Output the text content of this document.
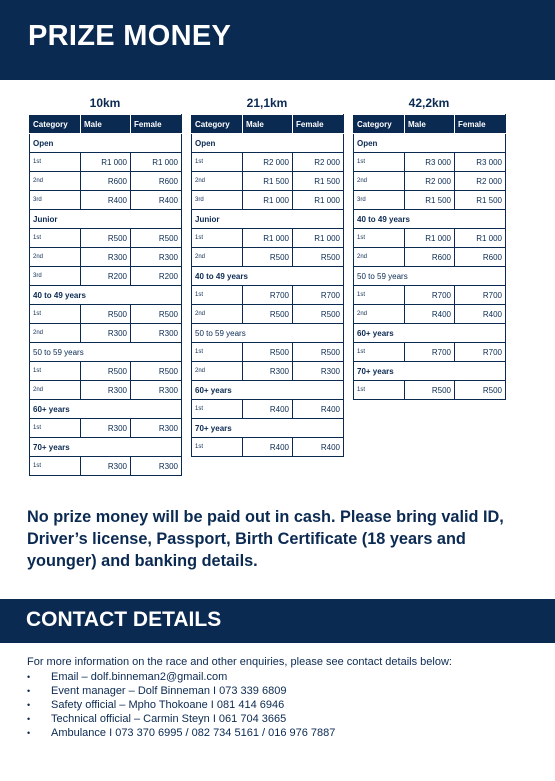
PRIZE MONEY
10km
Category	Male	Female
Open		
1st	R1 000	R1 000
2nd	R600	R600
3rd	R400	R400
Junior		
1st	R500	R500
2nd	R300	R300
3rd	R200	R200
40 to 49 years		
1st	R500	R500
2nd	R300	R300
50 to 59 years		
1st	R500	R500
2nd	R300	R300
60+ years		
1st	R300	R300
70+ years		
1st	R300	R300
21,1km
Category	Male	Female
Open		
1st	R2 000	R2 000
2nd	R1 500	R1 500
3rd	R1 000	R1 000
Junior		
1st	R1 000	R1 000
2nd	R500	R500
40 to 49 years		
1st	R700	R700
2nd	R500	R500
50 to 59 years		
1st	R500	R500
2nd	R300	R300
60+ years		
1st	R400	R400
70+ years		
1st	R400	R400
42,2km
Category	Male	Female
Open		
1st	R3 000	R3 000
2nd	R2 000	R2 000
3rd	R1 500	R1 500
40 to 49 years		
1st	R1 000	R1 000
2nd	R600	R600
50 to 59 years		
1st	R700	R700
2nd	R400	R400
60+ years		
1st	R700	R700
70+ years		
1st	R500	R500
No prize money will be paid out in cash. Please bring valid ID, Driver’s license, Passport, Birth Certificate (18 years and younger) and banking details.
CONTACT DETAILS
For more information on the race and other enquiries, please see contact details below:
• Email – dolf.binneman2@gmail.com
• Event manager – Dolf Binneman I 073 339 6809
• Safety official – Mpho Thokoane I 081 414 6946
• Technical official – Carmin Steyn I 061 704 3665
• Ambulance I 073 370 6995 / 082 734 5161 / 016 976 7887
